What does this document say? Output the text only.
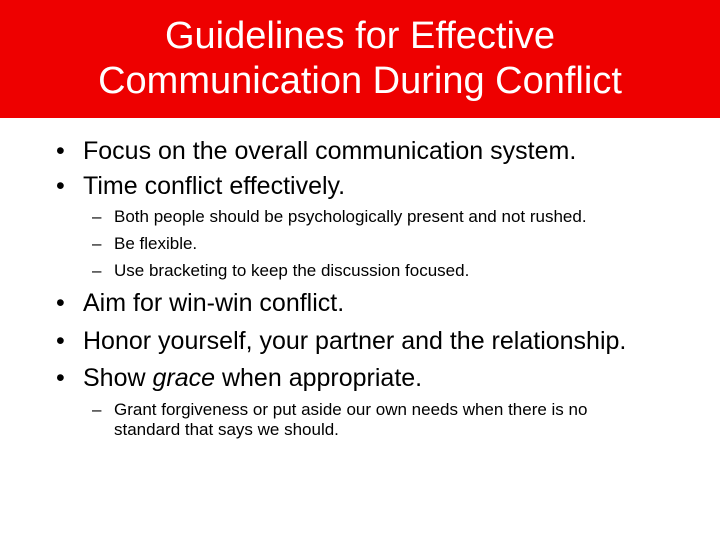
Guidelines for Effective
Communication During Conflict
• Focus on the overall communication system.
• Time conflict effectively.
– Both people should be psychologically present and not rushed.
– Be flexible.
– Use bracketing to keep the discussion focused.
• Aim for win-win conflict.
• Honor yourself, your partner and the relationship.
• Show grace when appropriate.
– Grant forgiveness or put aside our own needs when there is no
standard that says we should.
